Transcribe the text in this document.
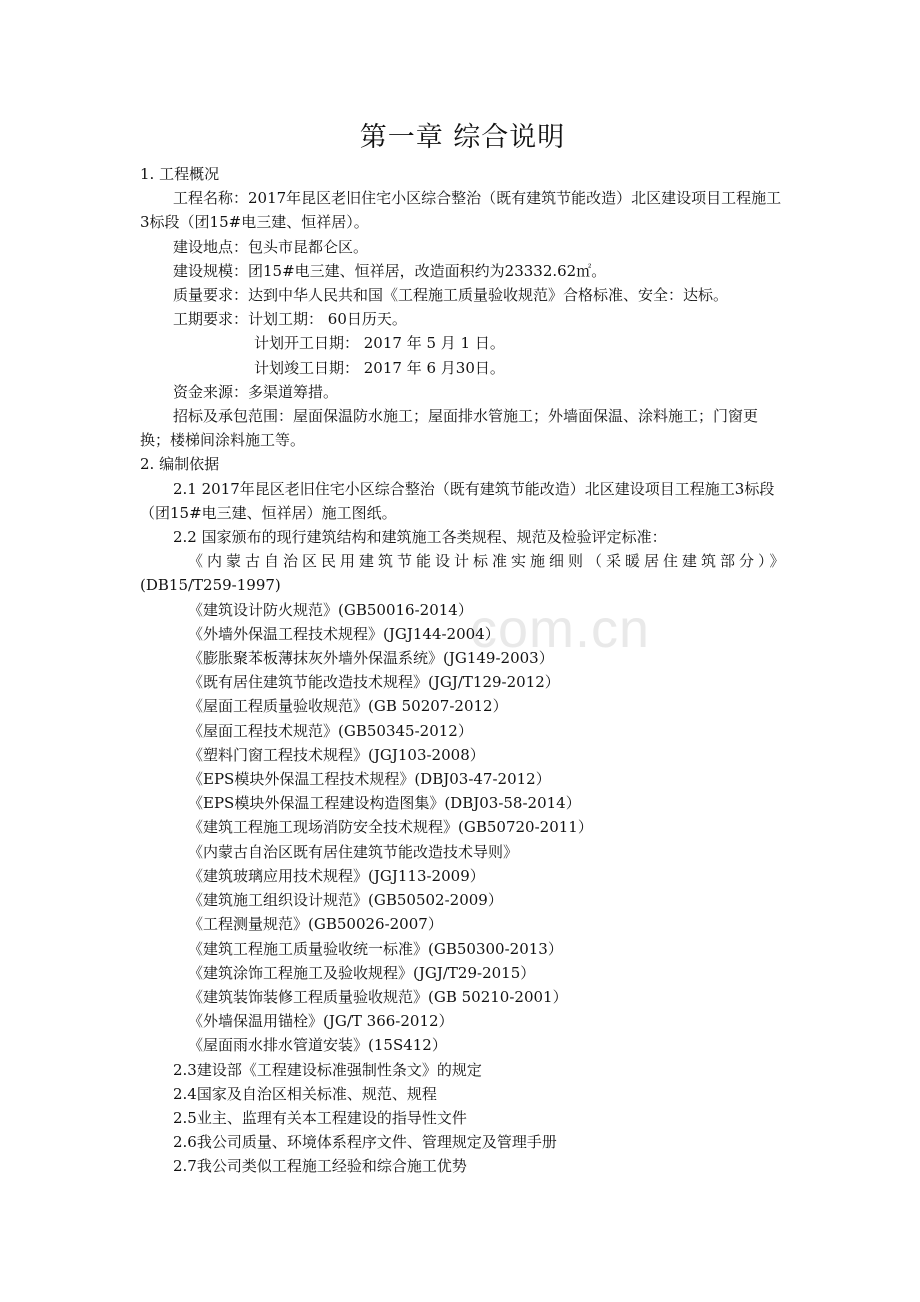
com.cn
第一章 综合说明
1. 工程概况
工程名称：2017年昆区老旧住宅小区综合整治（既有建筑节能改造）北区建设项目工程施工3标段（团15#电三建、恒祥居）。
建设地点：包头市昆都仑区。
建设规模：团15#电三建、恒祥居，改造面积约为23332.62㎡。
质量要求：达到中华人民共和国《工程施工质量验收规范》合格标准、安全：达标。
工期要求：计划工期： 60日历天。
计划开工日期： 2017 年 5 月 1 日。
计划竣工日期： 2017 年 6 月30日。
资金来源：多渠道筹措。
招标及承包范围：屋面保温防水施工；屋面排水管施工；外墙面保温、涂料施工；门窗更换；楼梯间涂料施工等。
2. 编制依据
2.1 2017年昆区老旧住宅小区综合整治（既有建筑节能改造）北区建设项目工程施工3标段（团15#电三建、恒祥居）施工图纸。
2.2 国家颁布的现行建筑结构和建筑施工各类规程、规范及检验评定标准：
《内蒙古自治区民用建筑节能设计标准实施细则（采暖居住建筑部分）》
(DB15/T259-1997)
《建筑设计防火规范》(GB50016-2014）
《外墙外保温工程技术规程》(JGJ144-2004）
《膨胀聚苯板薄抹灰外墙外保温系统》(JG149-2003）
《既有居住建筑节能改造技术规程》(JGJ/T129-2012）
《屋面工程质量验收规范》(GB 50207-2012）
《屋面工程技术规范》(GB50345-2012）
《塑料门窗工程技术规程》(JGJ103-2008）
《EPS模块外保温工程技术规程》(DBJ03-47-2012）
《EPS模块外保温工程建设构造图集》(DBJ03-58-2014）
《建筑工程施工现场消防安全技术规程》(GB50720-2011）
《内蒙古自治区既有居住建筑节能改造技术导则》
《建筑玻璃应用技术规程》(JGJ113-2009）
《建筑施工组织设计规范》(GB50502-2009）
《工程测量规范》(GB50026-2007）
《建筑工程施工质量验收统一标准》(GB50300-2013）
《建筑涂饰工程施工及验收规程》(JGJ/T29-2015）
《建筑装饰装修工程质量验收规范》(GB 50210-2001）
《外墙保温用锚栓》(JG/T 366-2012）
《屋面雨水排水管道安装》(15S412）
2.3建设部《工程建设标准强制性条文》的规定
2.4国家及自治区相关标准、规范、规程
2.5业主、监理有关本工程建设的指导性文件
2.6我公司质量、环境体系程序文件、管理规定及管理手册
2.7我公司类似工程施工经验和综合施工优势
